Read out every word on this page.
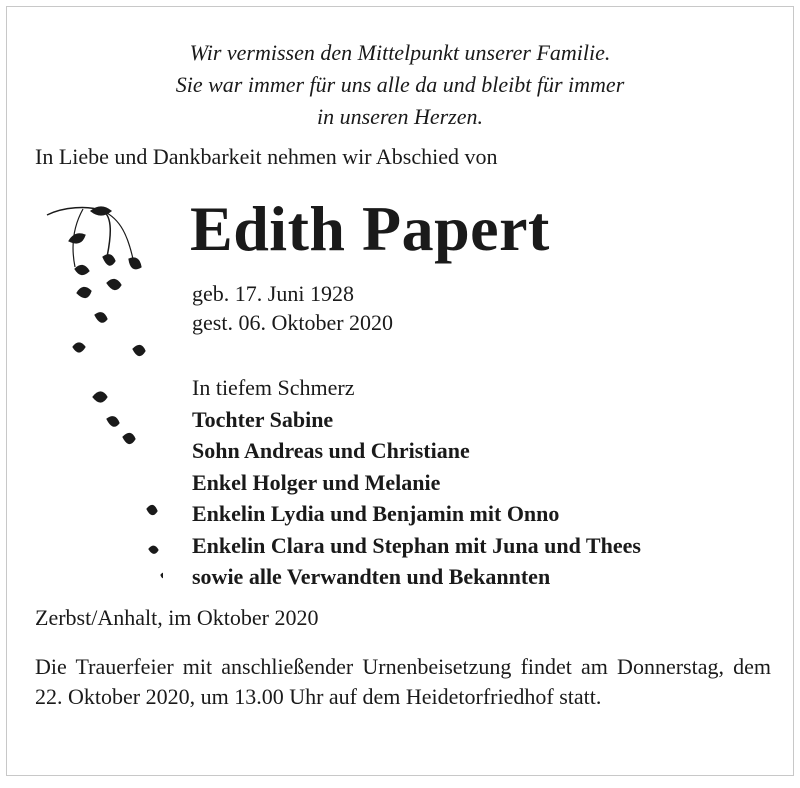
Wir vermissen den Mittelpunkt unserer Familie.
Sie war immer für uns alle da und bleibt für immer
in unseren Herzen.
In Liebe und Dankbarkeit nehmen wir Abschied von
Edith Papert
geb. 17. Juni 1928
gest. 06. Oktober 2020
In tiefem Schmerz
Tochter Sabine
Sohn Andreas und Christiane
Enkel Holger und Melanie
Enkelin Lydia und Benjamin mit Onno
Enkelin Clara und Stephan mit Juna und Thees
sowie alle Verwandten und Bekannten
Zerbst/Anhalt, im Oktober 2020
Die Trauerfeier mit anschließender Urnenbeisetzung findet am Donnerstag, dem 22. Oktober 2020, um 13.00 Uhr auf dem Heidetorfriedhof statt.
